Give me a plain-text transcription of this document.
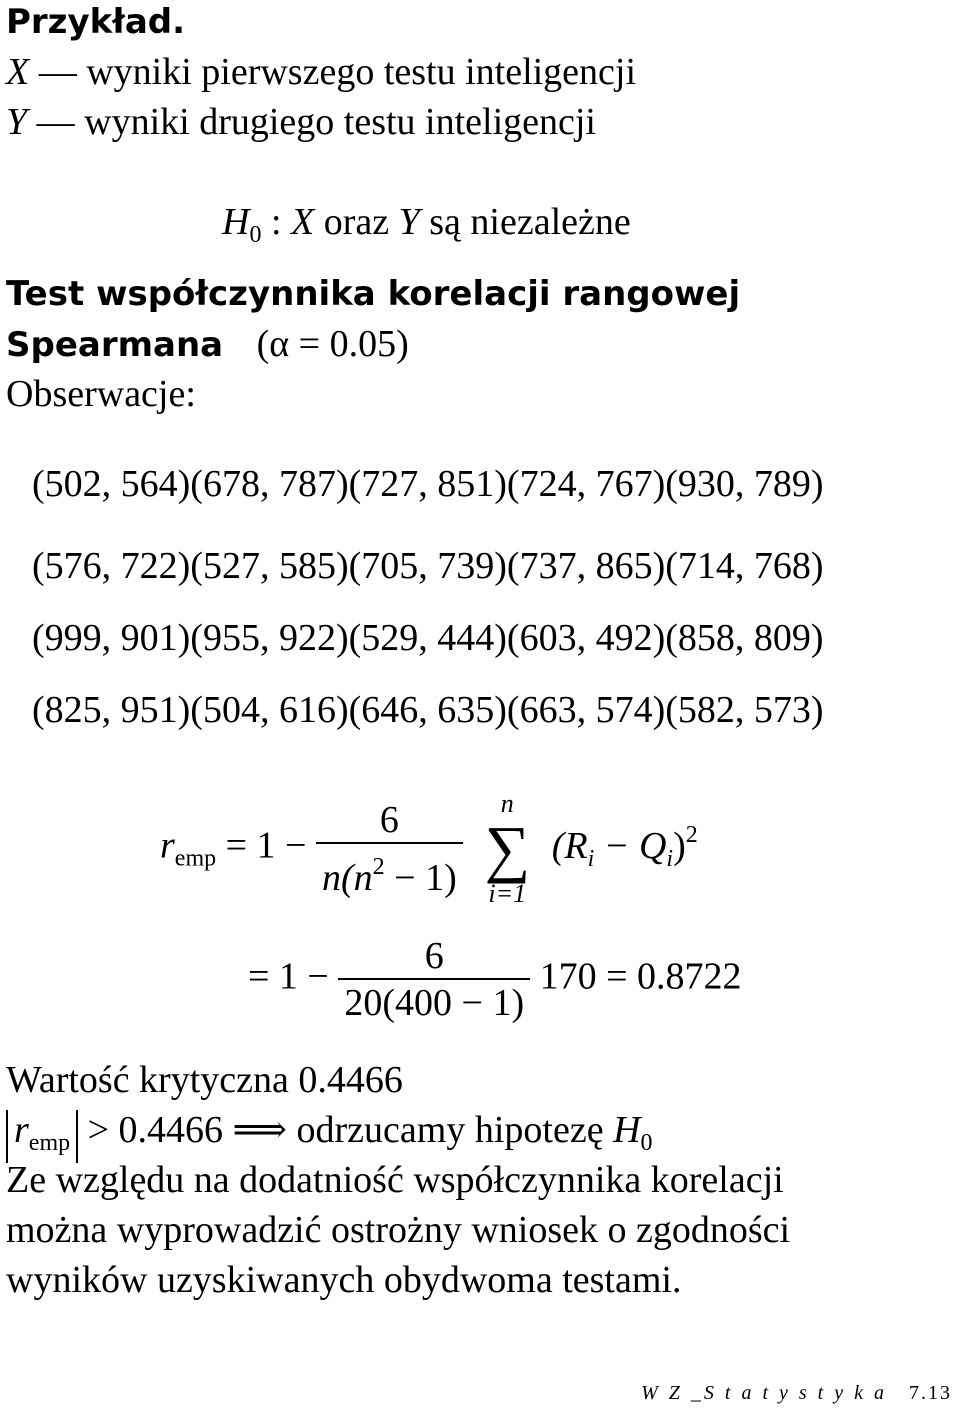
Przykład.
X — wyniki pierwszego testu inteligencji
Y — wyniki drugiego testu inteligencji
$H_0$ : X oraz Y są niezależne
Test współczynnika korelacji rangowej
Spearmana (α = 0.05)
Obserwacje:
(502, 564)(678, 787)(727, 851)(724, 767)(930, 789)
(576, 722)(527, 585)(705, 739)(737, 865)(714, 768)
(999, 901)(955, 922)(529, 444)(603, 492)(858, 809)
(825, 951)(504, 616)(646, 635)(663, 574)(582, 573)
$r_{emp} = 1 - \frac{6}{n(n^2 - 1)}$
	n
∑
i=1
$(R_i - Q_i)^2$
= $1 - \frac{6}{20(400 - 1)} 170 = 0.8722$
Wartość krytyczna 0.4466
$r_{emp} > 0.4466$ ⟹ odrzucamy hipotezę $H_0$
Ze względu na dodatniość współczynnika korelacji
można wyprowadzić ostrożny wniosek o zgodności
wyników uzyskiwanych obydwoma testami.
W Z _S t a t y s t y k a 7.13
